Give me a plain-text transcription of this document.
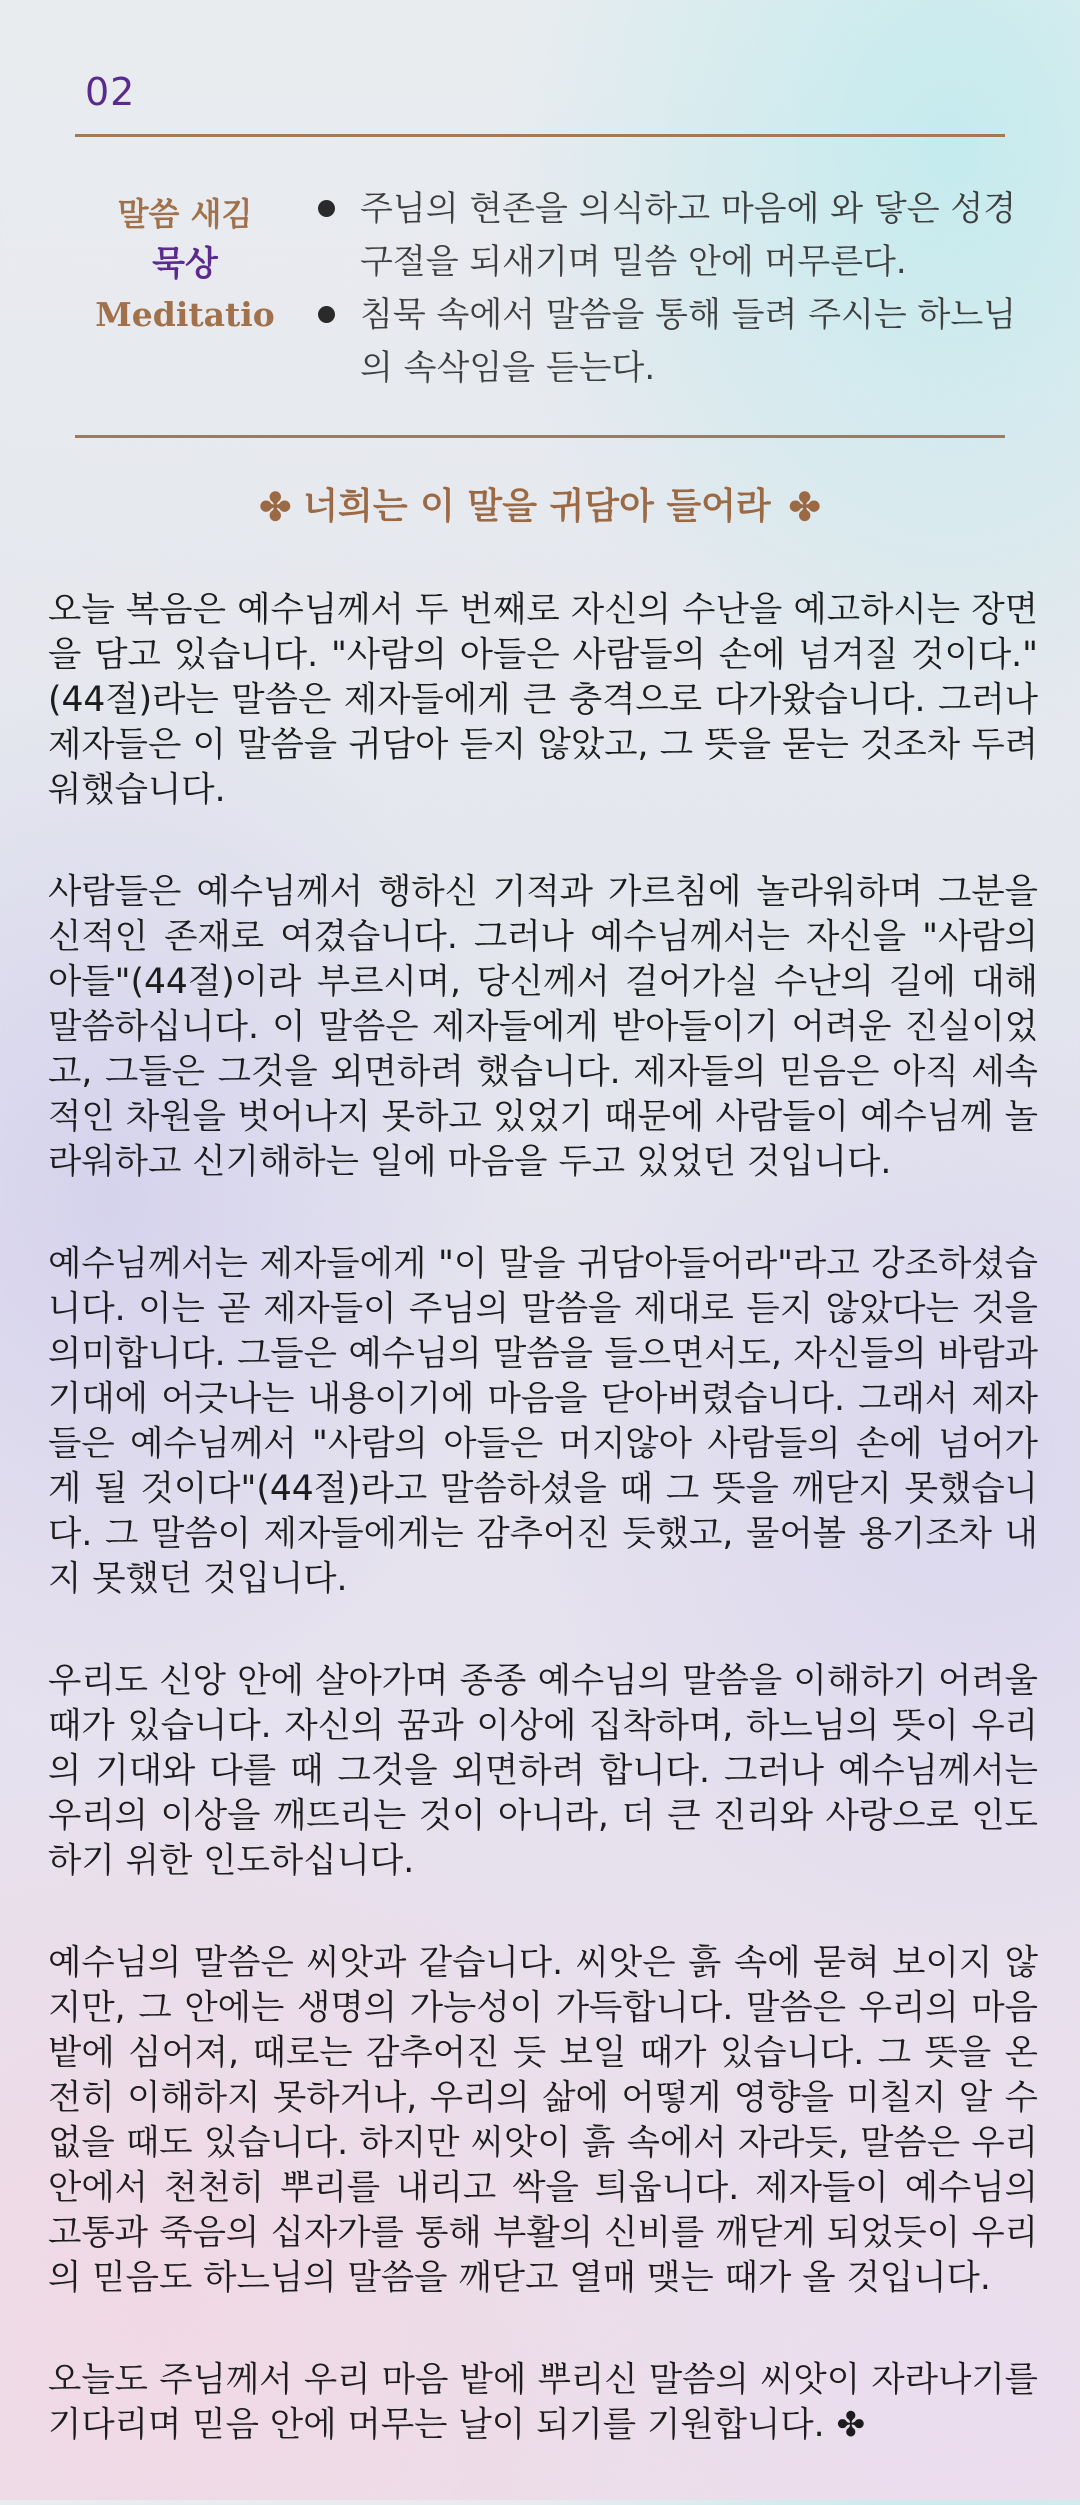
02
말씀 새김
묵상
Meditatio
주님의 현존을 의식하고 마음에 와 닿은 성경구절을 되새기며 밀씀 안에 머무른다.
침묵 속에서 말씀을 통해 들려 주시는 하느님의 속삭임을 듣는다.
✤ 너희는 이 말을 귀담아 들어라 ✤

오늘 복음은 예수님께서 두 번째로 자신의 수난을 예고하시는 장면을 담고 있습니다. "사람의 아들은 사람들의 손에 넘겨질 것이다."(44절)라는 말씀은 제자들에게 큰 충격으로 다가왔습니다. 그러나 제자들은 이 말씀을 귀담아 듣지 않았고, 그 뜻을 묻는 것조차 두려워했습니다.

사람들은 예수님께서 행하신 기적과 가르침에 놀라워하며 그분을 신적인 존재로 여겼습니다. 그러나 예수님께서는 자신을 "사람의 아들"(44절)이라 부르시며, 당신께서 걸어가실 수난의 길에 대해 말씀하십니다. 이 말씀은 제자들에게 받아들이기 어려운 진실이었고, 그들은 그것을 외면하려 했습니다. 제자들의 믿음은 아직 세속적인 차원을 벗어나지 못하고 있었기 때문에 사람들이 예수님께 놀라워하고 신기해하는 일에 마음을 두고 있었던 것입니다.

예수님께서는 제자들에게 "이 말을 귀담아들어라"라고 강조하셨습니다. 이는 곧 제자들이 주님의 말씀을 제대로 듣지 않았다는 것을 의미합니다. 그들은 예수님의 말씀을 들으면서도, 자신들의 바람과 기대에 어긋나는 내용이기에 마음을 닫아버렸습니다. 그래서 제자들은 예수님께서 "사람의 아들은 머지않아 사람들의 손에 넘어가게 될 것이다"(44절)라고 말씀하셨을 때 그 뜻을 깨닫지 못했습니다. 그 말씀이 제자들에게는 감추어진 듯했고, 물어볼 용기조차 내지 못했던 것입니다.

우리도 신앙 안에 살아가며 종종 예수님의 말씀을 이해하기 어려울 때가 있습니다. 자신의 꿈과 이상에 집착하며, 하느님의 뜻이 우리의 기대와 다를 때 그것을 외면하려 합니다. 그러나 예수님께서는 우리의 이상을 깨뜨리는 것이 아니라, 더 큰 진리와 사랑으로 인도하기 위한 인도하십니다.

예수님의 말씀은 씨앗과 같습니다. 씨앗은 흙 속에 묻혀 보이지 않지만, 그 안에는 생명의 가능성이 가득합니다. 말씀은 우리의 마음 밭에 심어져, 때로는 감추어진 듯 보일 때가 있습니다. 그 뜻을 온전히 이해하지 못하거나, 우리의 삶에 어떻게 영향을 미칠지 알 수 없을 때도 있습니다. 하지만 씨앗이 흙 속에서 자라듯, 말씀은 우리 안에서 천천히 뿌리를 내리고 싹을 틔웁니다. 제자들이 예수님의 고통과 죽음의 십자가를 통해 부활의 신비를 깨닫게 되었듯이 우리의 믿음도 하느님의 말씀을 깨닫고 열매 맺는 때가 올 것입니다.

오늘도 주님께서 우리 마음 밭에 뿌리신 말씀의 씨앗이 자라나기를 기다리며 믿음 안에 머무는 날이 되기를 기원합니다. ✤
